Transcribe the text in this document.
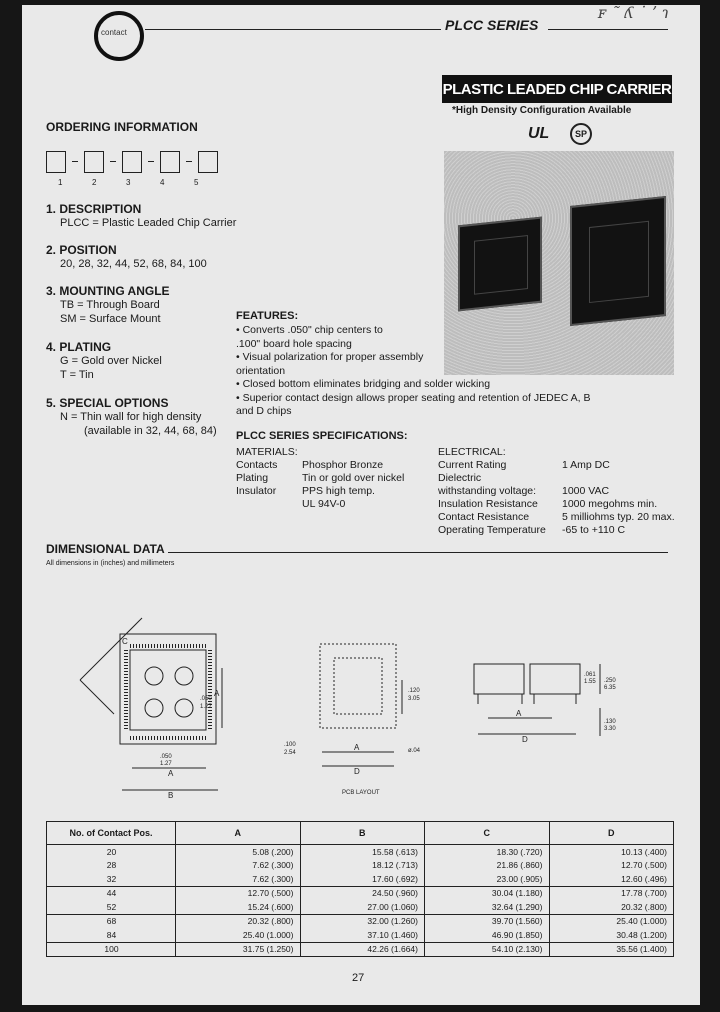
contact	PLCC SERIES
ꜰ ˜ ʎ ˙ ʼ ɿ
PLASTIC LEADED CHIP CARRIER
*High Density Configuration Available
UL	SP
ORDERING INFORMATION
1	2	3	4	5
1. DESCRIPTION
PLCC = Plastic Leaded Chip Carrier
2. POSITION
20, 28, 32, 44, 52, 68, 84, 100
3. MOUNTING ANGLE
TB = Through Board
SM = Surface Mount
4. PLATING
G = Gold over Nickel
T = Tin
5. SPECIAL OPTIONS
N = Thin wall for high density
(available in 32, 44, 68, 84)
FEATURES:
• Converts .050" chip centers to .100" board hole spacing
• Visual polarization for proper assembly orientation
• Closed bottom eliminates bridging and solder wicking
• Superior contact design allows proper seating and retention of JEDEC A, B and D chips
PLCC SERIES SPECIFICATIONS:
MATERIALS:
Contacts	Phosphor Bronze
Plating	Tin or gold over nickel
Insulator	PPS high temp.
	UL 94V-0
ELECTRICAL:
Current Rating	1 Amp DC
Dielectric	
withstanding voltage:	1000 VAC
Insulation Resistance	1000 megohms min.
Contact Resistance	5 milliohms typ. 20 max.
Operating Temperature	-65 to +110 C
DIMENSIONAL DATA
All dimensions in (inches) and millimeters
C
A
.050
1.27
.050
1.27
A
B
.100
2.54
A
D
.120
3.05
ø.04
PCB LAYOUT
.061
1.55 .250
6.35
.130
3.30
A
D
No. of Contact Pos.	A	B	C	D
20	5.08 (.200)	15.58 (.613)	18.30 (.720)	10.13 (.400)
28	7.62 (.300)	18.12 (.713)	21.86 (.860)	12.70 (.500)
32	7.62 (.300)	17.60 (.692)	23.00 (.905)	12.60 (.496)
44	12.70 (.500)	24.50 (.960)	30.04 (1.180)	17.78 (.700)
52	15.24 (.600)	27.00 (1.060)	32.64 (1.290)	20.32 (.800)
68	20.32 (.800)	32.00 (1.260)	39.70 (1.560)	25.40 (1.000)
84	25.40 (1.000)	37.10 (1.460)	46.90 (1.850)	30.48 (1.200)
100	31.75 (1.250)	42.26 (1.664)	54.10 (2.130)	35.56 (1.400)
27
